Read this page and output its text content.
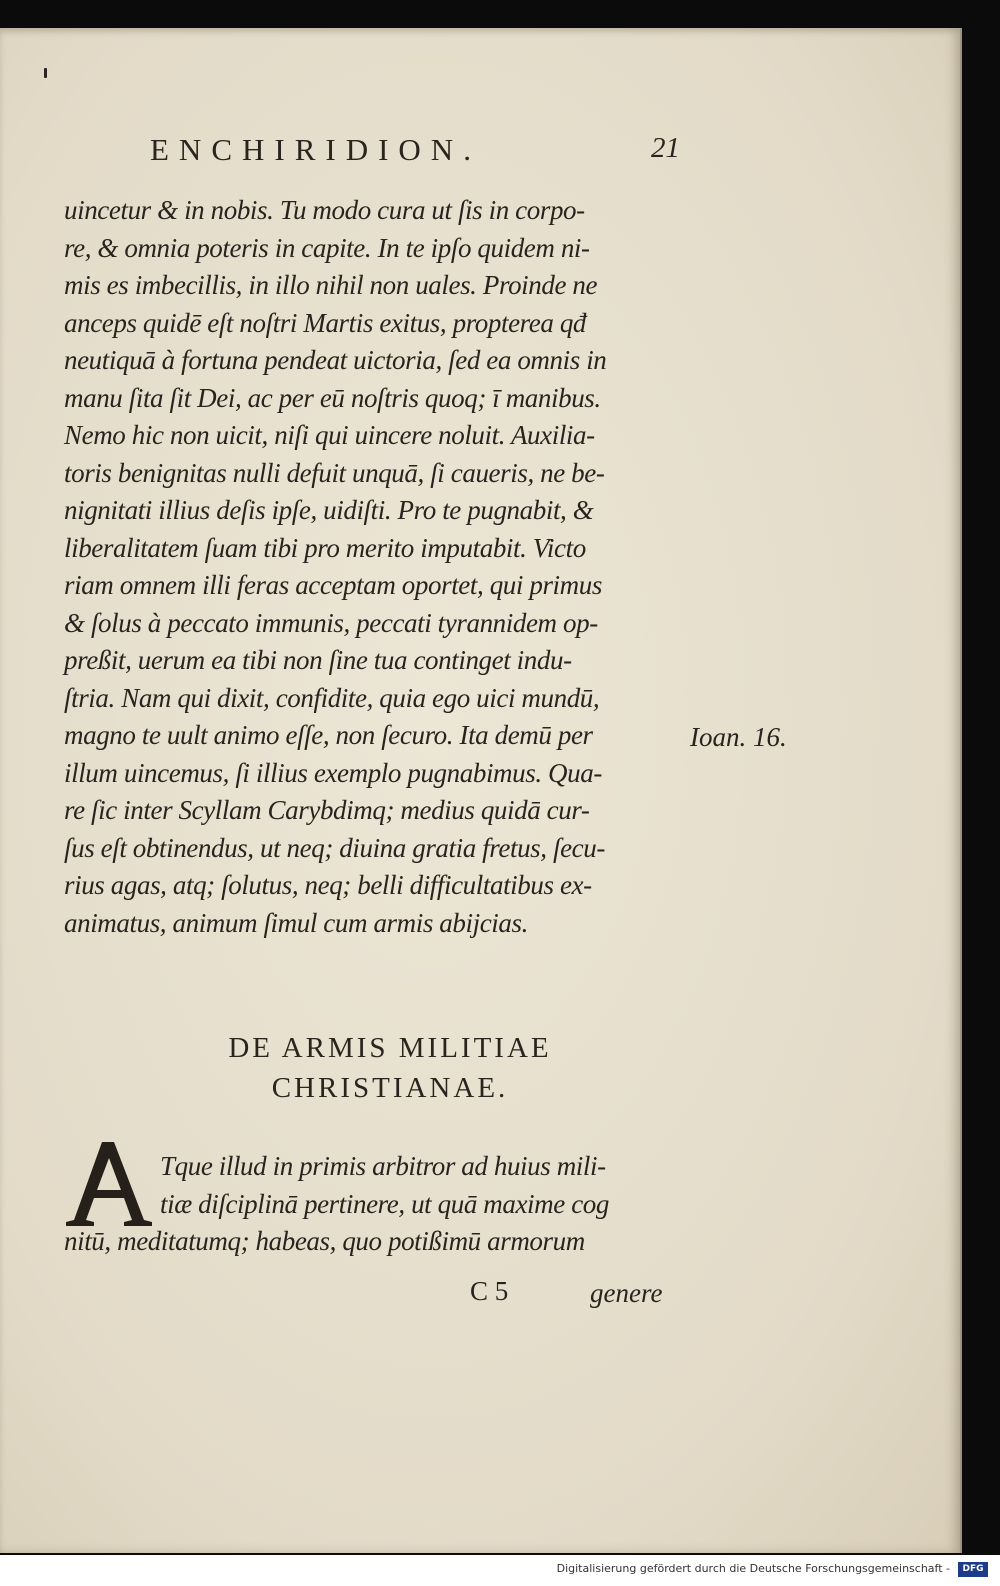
ENCHIRIDION.	21
uincetur & in nobis. Tu modo cura ut ſis in corpo-
re, & omnia poteris in capite. In te ipſo quidem ni-
mis es imbecillis, in illo nihil non uales. Proinde ne
anceps quidē eſt noſtri Martis exitus, propterea qđ
neutiquā à fortuna pendeat uictoria, ſed ea omnis in
manu ſita ſit Dei, ac per eū noſtris quoq; ī manibus.
Nemo hic non uicit, niſi qui uincere noluit. Auxilia-
toris benignitas nulli defuit unquā, ſi caueris, ne be-
nignitati illius deſis ipſe, uidiſti. Pro te pugnabit, &
liberalitatem ſuam tibi pro merito imputabit. Victo
riam omnem illi feras acceptam oportet, qui primus
& ſolus à peccato immunis, peccati tyrannidem op-
preßit, uerum ea tibi non ſine tua continget indu-
ſtria. Nam qui dixit, confidite, quia ego uici mundū,
magno te uult animo eſſe, non ſecuro. Ita demū per
illum uincemus, ſi illius exemplo pugnabimus. Qua-
re ſic inter Scyllam Carybdimq; medius quidā cur-
ſus eſt obtinendus, ut neq; diuina gratia fretus, ſecu-
rius agas, atq; ſolutus, neq; belli difficultatibus ex-
animatus, animum ſimul cum armis abijcias.
Ioan. 16.
DE ARMIS MILITIAE
CHRISTIANAE.
Tque illud in primis arbitror ad huius mili-
tiæ diſciplinā pertinere, ut quā maxime cog
nitū, meditatumq; habeas, quo potißimū armorum
C 5	genere
Digitalisierung gefördert durch die Deutsche Forschungsgemeinschaft -	DFG
